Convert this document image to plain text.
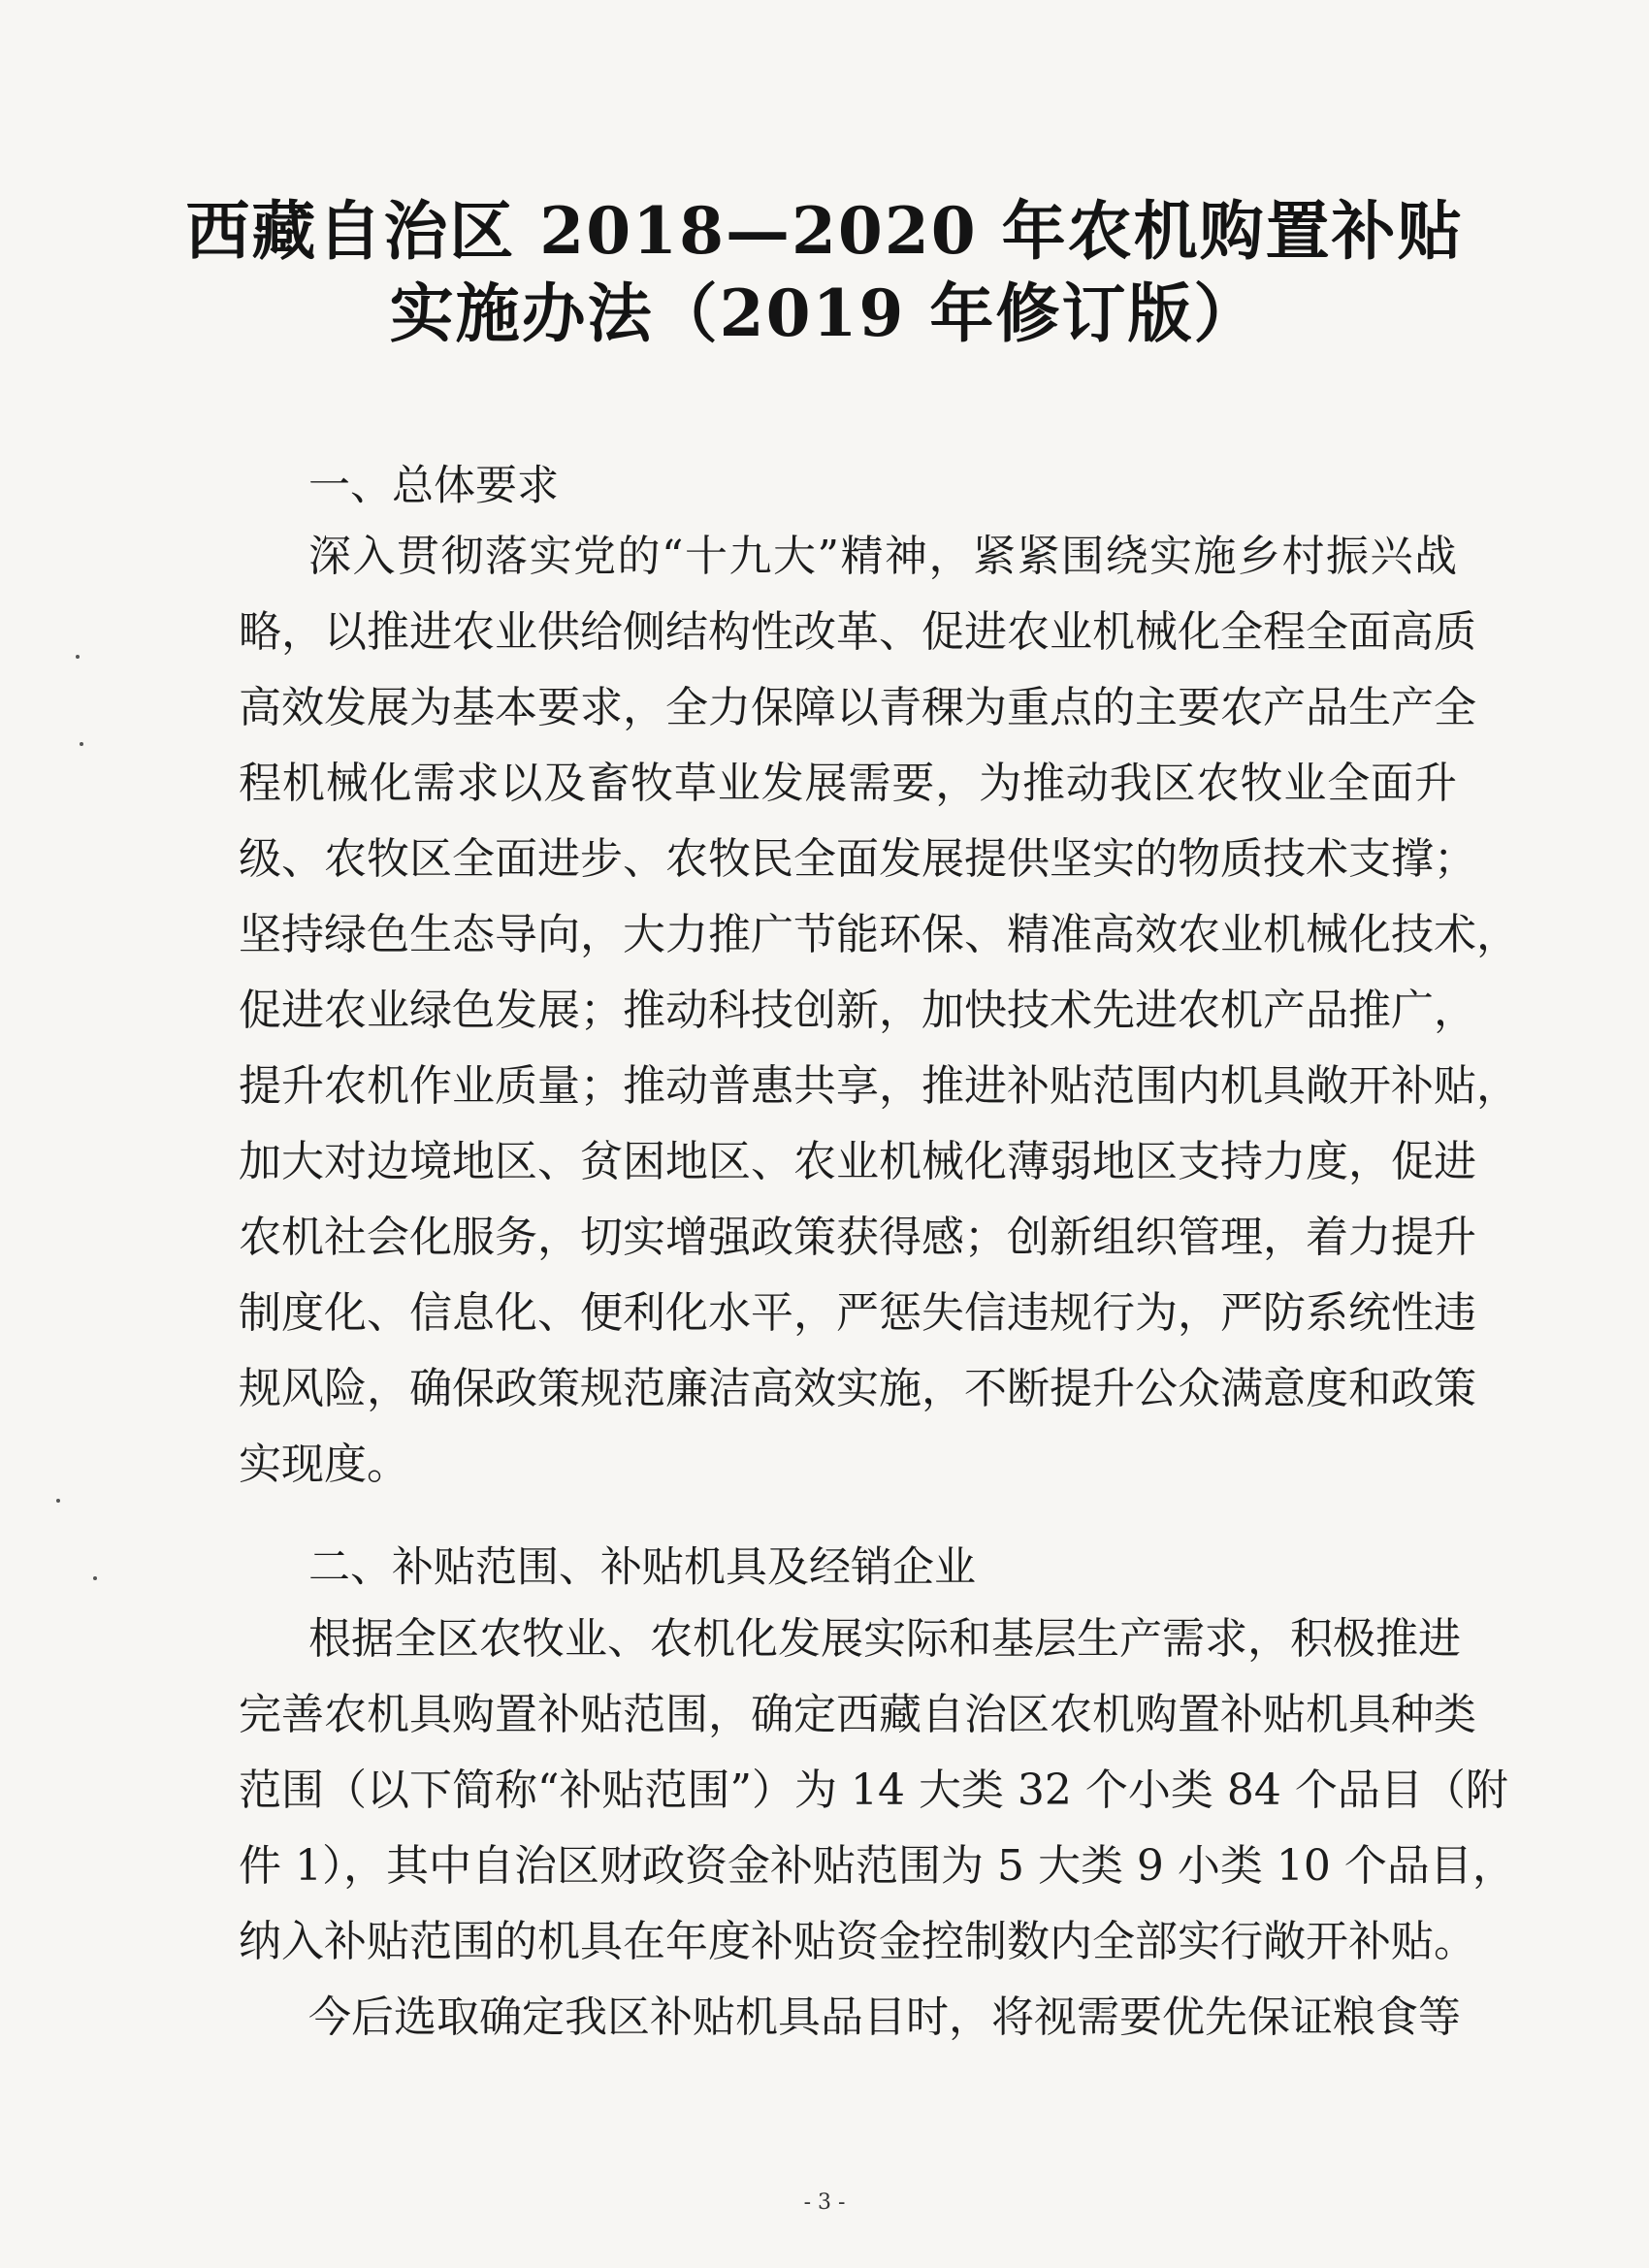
西藏自治区 2018—2020 年农机购置补贴
实施办法（2019 年修订版）
一、总体要求
深入贯彻落实党的“十九大”精神，紧紧围绕实施乡村振兴战
略，以推进农业供给侧结构性改革、促进农业机械化全程全面高质
高效发展为基本要求，全力保障以青稞为重点的主要农产品生产全
程机械化需求以及畜牧草业发展需要，为推动我区农牧业全面升
级、农牧区全面进步、农牧民全面发展提供坚实的物质技术支撑；
坚持绿色生态导向，大力推广节能环保、精准高效农业机械化技术，
促进农业绿色发展；推动科技创新，加快技术先进农机产品推广，
提升农机作业质量；推动普惠共享，推进补贴范围内机具敞开补贴，
加大对边境地区、贫困地区、农业机械化薄弱地区支持力度，促进
农机社会化服务，切实增强政策获得感；创新组织管理，着力提升
制度化、信息化、便利化水平，严惩失信违规行为，严防系统性违
规风险，确保政策规范廉洁高效实施，不断提升公众满意度和政策
实现度。
二、补贴范围、补贴机具及经销企业
根据全区农牧业、农机化发展实际和基层生产需求，积极推进
完善农机具购置补贴范围，确定西藏自治区农机购置补贴机具种类
范围（以下简称“补贴范围”）为 14 大类 32 个小类 84 个品目（附
件 1），其中自治区财政资金补贴范围为 5 大类 9 小类 10 个品目，
纳入补贴范围的机具在年度补贴资金控制数内全部实行敞开补贴。
今后选取确定我区补贴机具品目时，将视需要优先保证粮食等
- 3 -
